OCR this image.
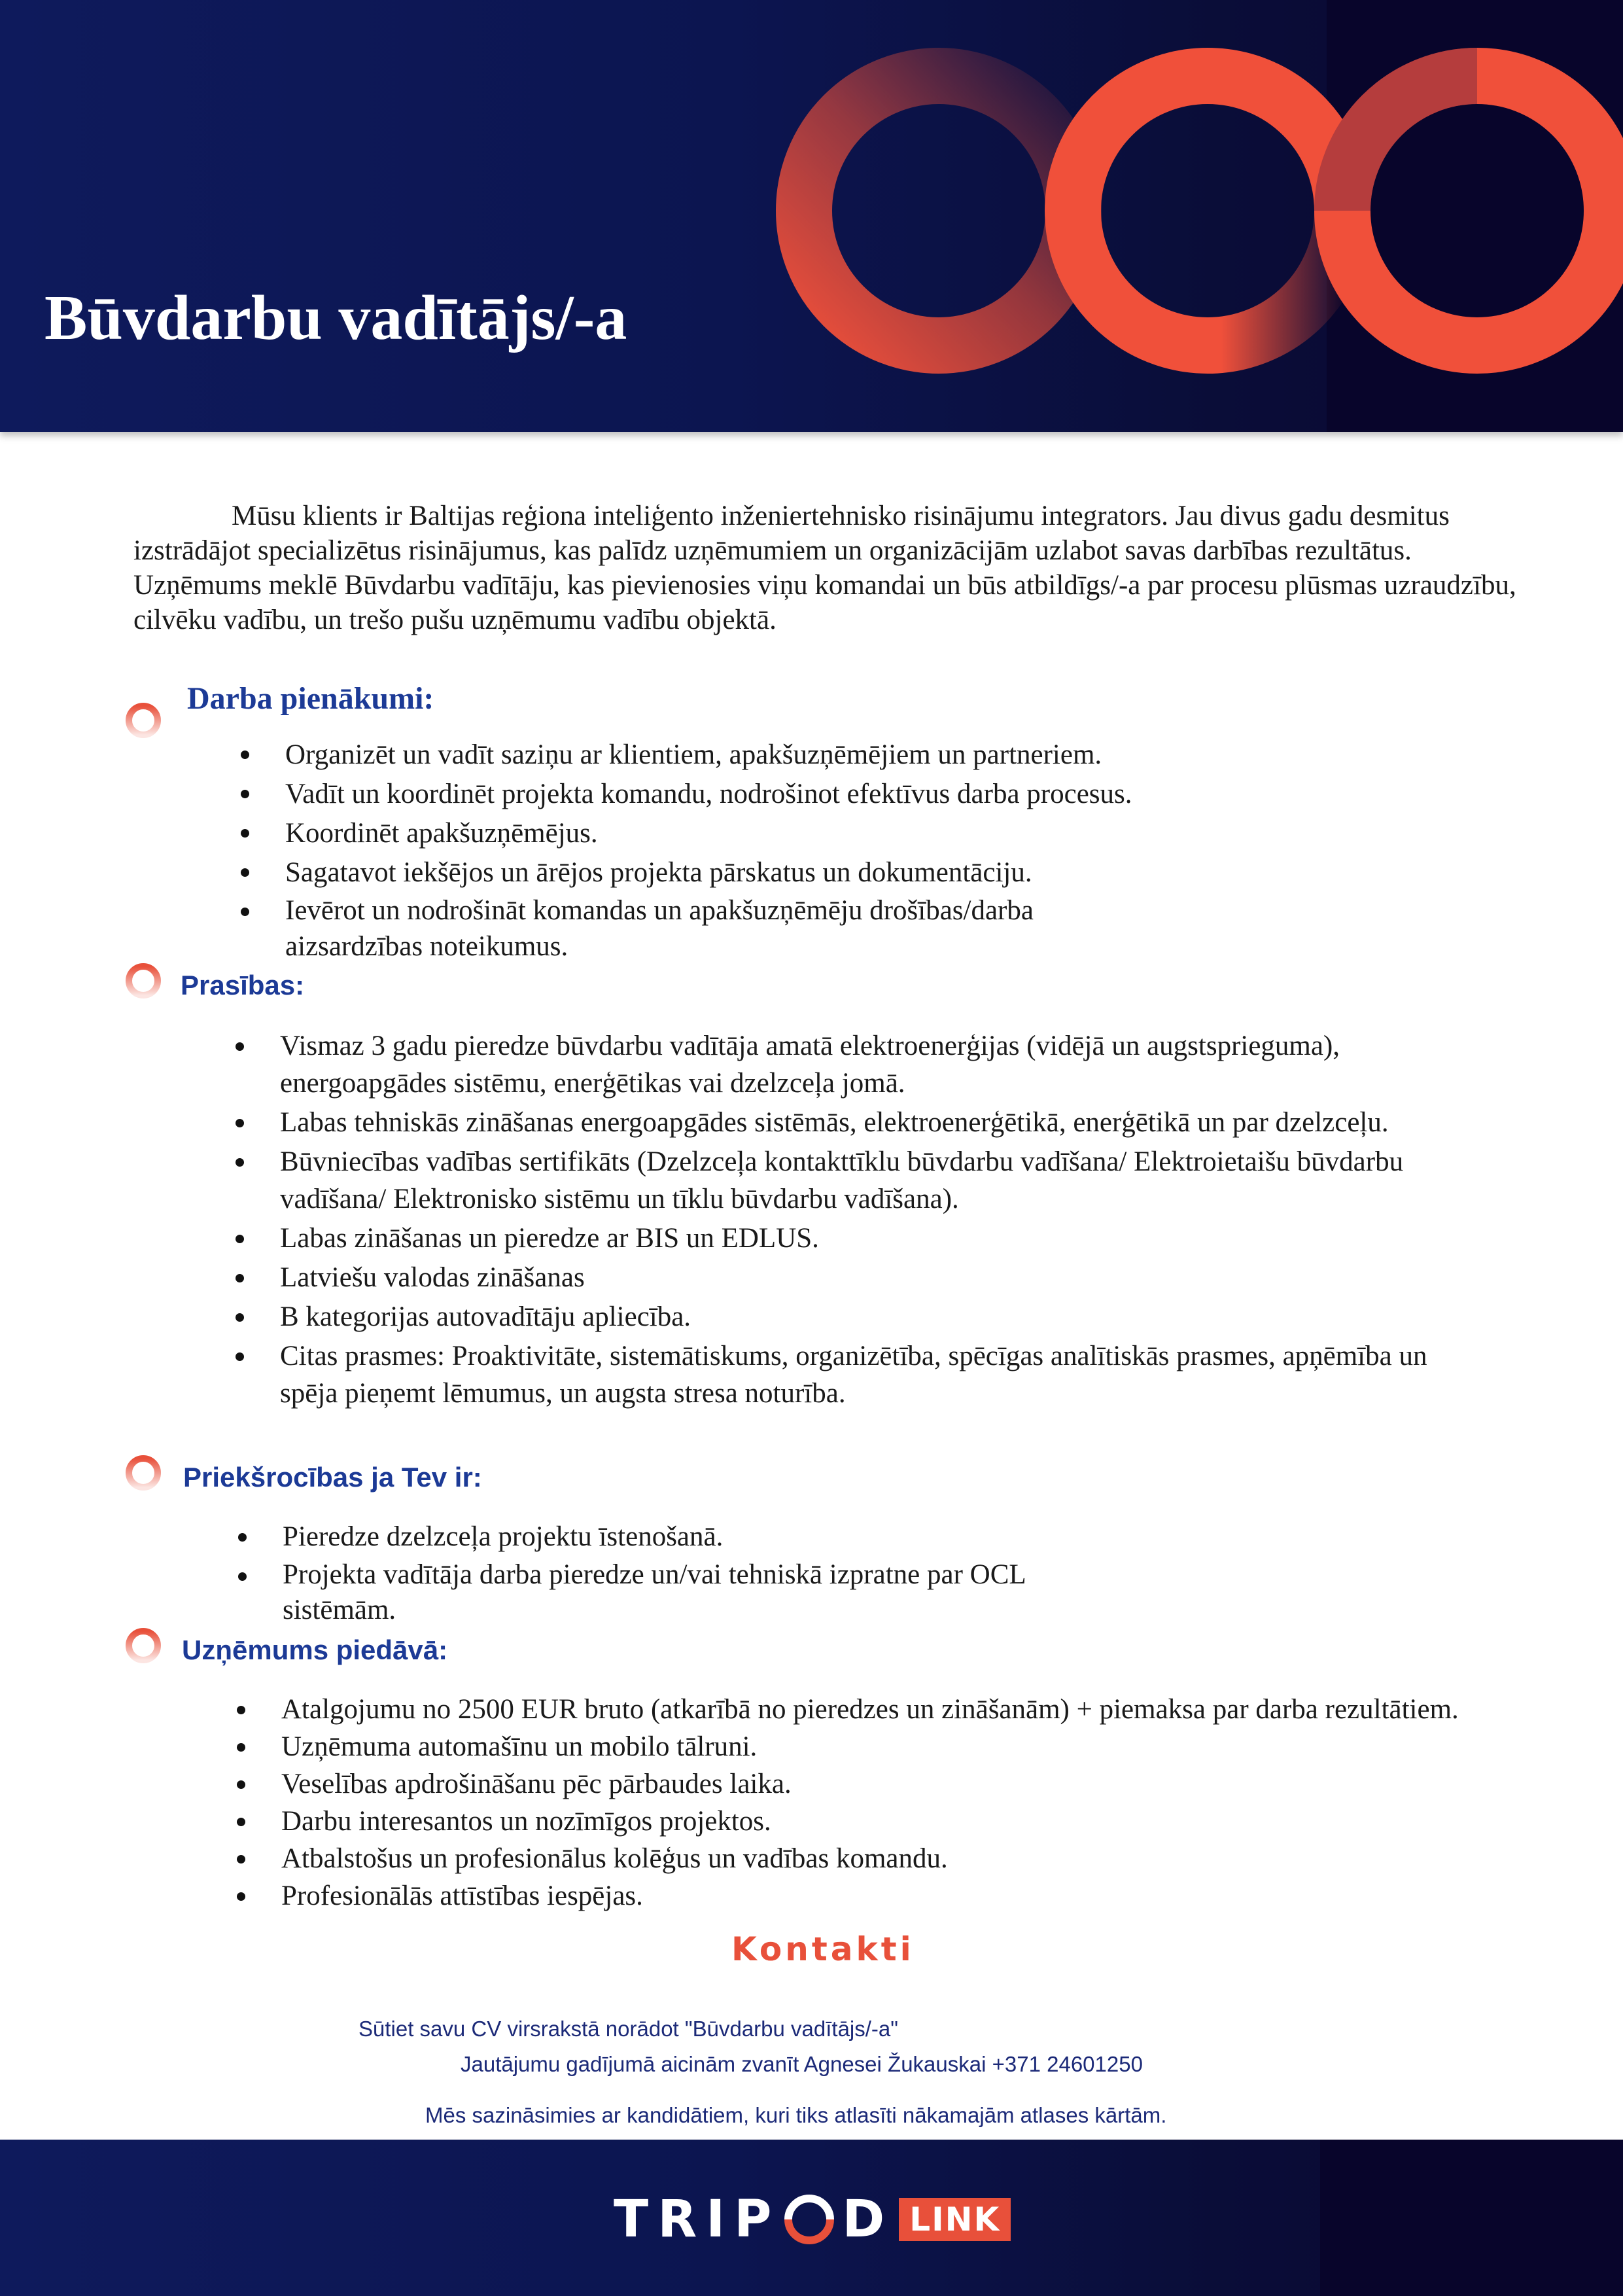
Būvdarbu vadītājs/-a

Mūsu klients ir Baltijas reģiona inteliģento inženiertehnisko risinājumu integrators. Jau divus gadu desmitus izstrādājot specializētus risinājumus, kas palīdz uzņēmumiem un organizācijām uzlabot savas darbības rezultātus.

Uzņēmums meklē Būvdarbu vadītāju, kas pievienosies viņu komandai un būs atbildīgs/-a par procesu plūsmas uzraudzību, cilvēku vadību, un trešo pušu uzņēmumu vadību objektā.

Darba pienākumi:
Organizēt un vadīt saziņu ar klientiem, apakšuzņēmējiem un partneriem.
Vadīt un koordinēt projekta komandu, nodrošinot efektīvus darba procesus.
Koordinēt apakšuzņēmējus.
Sagatavot iekšējos un ārējos projekta pārskatus un dokumentāciju.
Ievērot un nodrošināt komandas un apakšuzņēmēju drošības/darba aizsardzības noteikumus.
Prasības:
Vismaz 3 gadu pieredze būvdarbu vadītāja amatā elektroenerģijas (vidējā un augstsprieguma), energoapgādes sistēmu, enerģētikas vai dzelzceļa jomā.
Labas tehniskās zināšanas energoapgādes sistēmās, elektroenerģētikā, enerģētikā un par dzelzceļu.
Būvniecības vadības sertifikāts (Dzelzceļa kontakttīklu būvdarbu vadīšana/ Elektroietaišu būvdarbu vadīšana/ Elektronisko sistēmu un tīklu būvdarbu vadīšana).
Labas zināšanas un pieredze ar BIS un EDLUS.
Latviešu valodas zināšanas
B kategorijas autovadītāju apliecība.
Citas prasmes: Proaktivitāte, sistemātiskums, organizētība, spēcīgas analītiskās prasmes, apņēmība un spēja pieņemt lēmumus, un augsta stresa noturība.
Priekšrocības ja Tev ir:
Pieredze dzelzceļa projektu īstenošanā.
Projekta vadītāja darba pieredze un/vai tehniskā izpratne par OCL sistēmām.
Uzņēmums piedāvā:
Atalgojumu no 2500 EUR bruto (atkarībā no pieredzes un zināšanām) + piemaksa par darba rezultātiem.
Uzņēmuma automašīnu un mobilo tālruni.
Veselības apdrošināšanu pēc pārbaudes laika.
Darbu interesantos un nozīmīgos projektos.
Atbalstošus un profesionālus kolēģus un vadības komandu.
Profesionālās attīstības iespējas.
Kontakti

Sūtiet savu CV virsrakstā norādot "Būvdarbu vadītājs/-a"

Jautājumu gadījumā aicinām zvanīt Agnesei Žukauskai +371 24601250

Mēs sazināsimies ar kandidātiem, kuri tiks atlasīti nākamajām atlases kārtām.

TRIP D LINK
